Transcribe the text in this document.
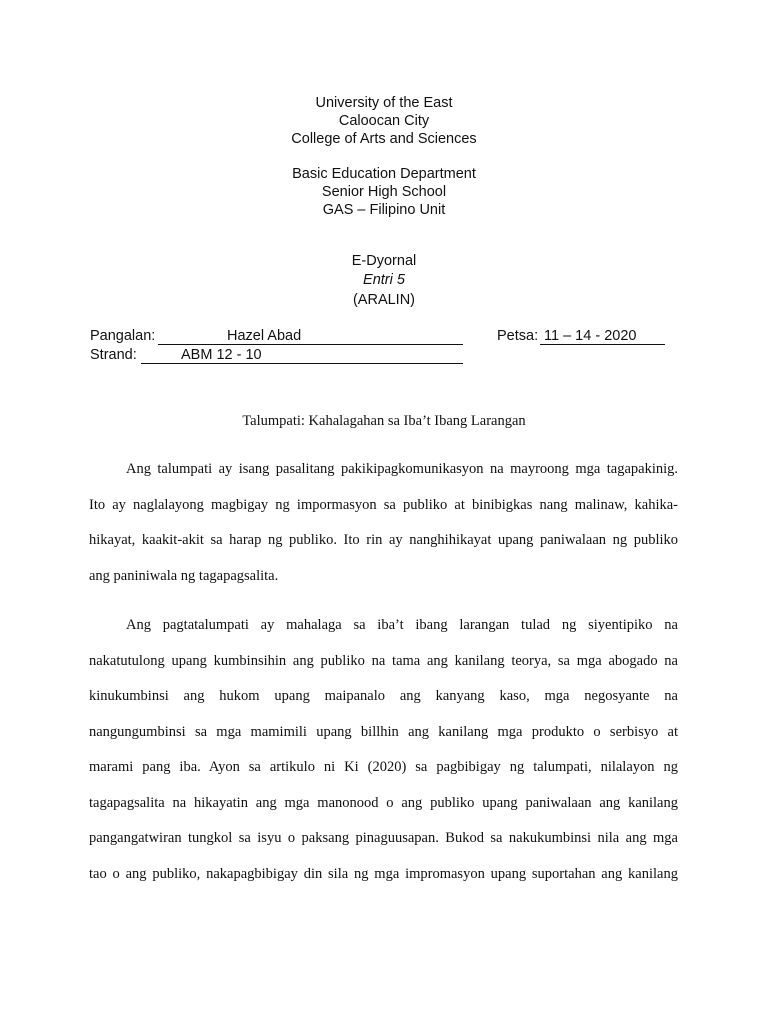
University of the East
Caloocan City
College of Arts and Sciences
Basic Education Department
Senior High School
GAS – Filipino Unit
E-Dyornal
Entri 5
(ARALIN)
Pangalan:	Hazel Abad	Petsa: 11 – 14 - 2020
Strand:	ABM 12 - 10
Talumpati: Kahalagahan sa Iba’t Ibang Larangan
Ang talumpati ay isang pasalitang pakikipagkomunikasyon na mayroong mga tagapakinig.
Ito ay naglalayong magbigay ng impormasyon sa publiko at binibigkas nang malinaw, kahika-
hikayat, kaakit-akit sa harap ng publiko. Ito rin ay nanghihikayat upang paniwalaan ng publiko
ang paniniwala ng tagapagsalita.
Ang pagtatalumpati ay mahalaga sa iba’t ibang larangan tulad ng siyentipiko na
nakatutulong upang kumbinsihin ang publiko na tama ang kanilang teorya, sa mga abogado na
kinukumbinsi ang hukom upang maipanalo ang kanyang kaso, mga negosyante na
nangungumbinsi sa mga mamimili upang billhin ang kanilang mga produkto o serbisyo at
marami pang iba. Ayon sa artikulo ni Ki (2020) sa pagbibigay ng talumpati, nilalayon ng
tagapagsalita na hikayatin ang mga manonood o ang publiko upang paniwalaan ang kanilang
pangangatwiran tungkol sa isyu o paksang pinaguusapan. Bukod sa nakukumbinsi nila ang mga
tao o ang publiko, nakapagbibigay din sila ng mga impromasyon upang suportahan ang kanilang
